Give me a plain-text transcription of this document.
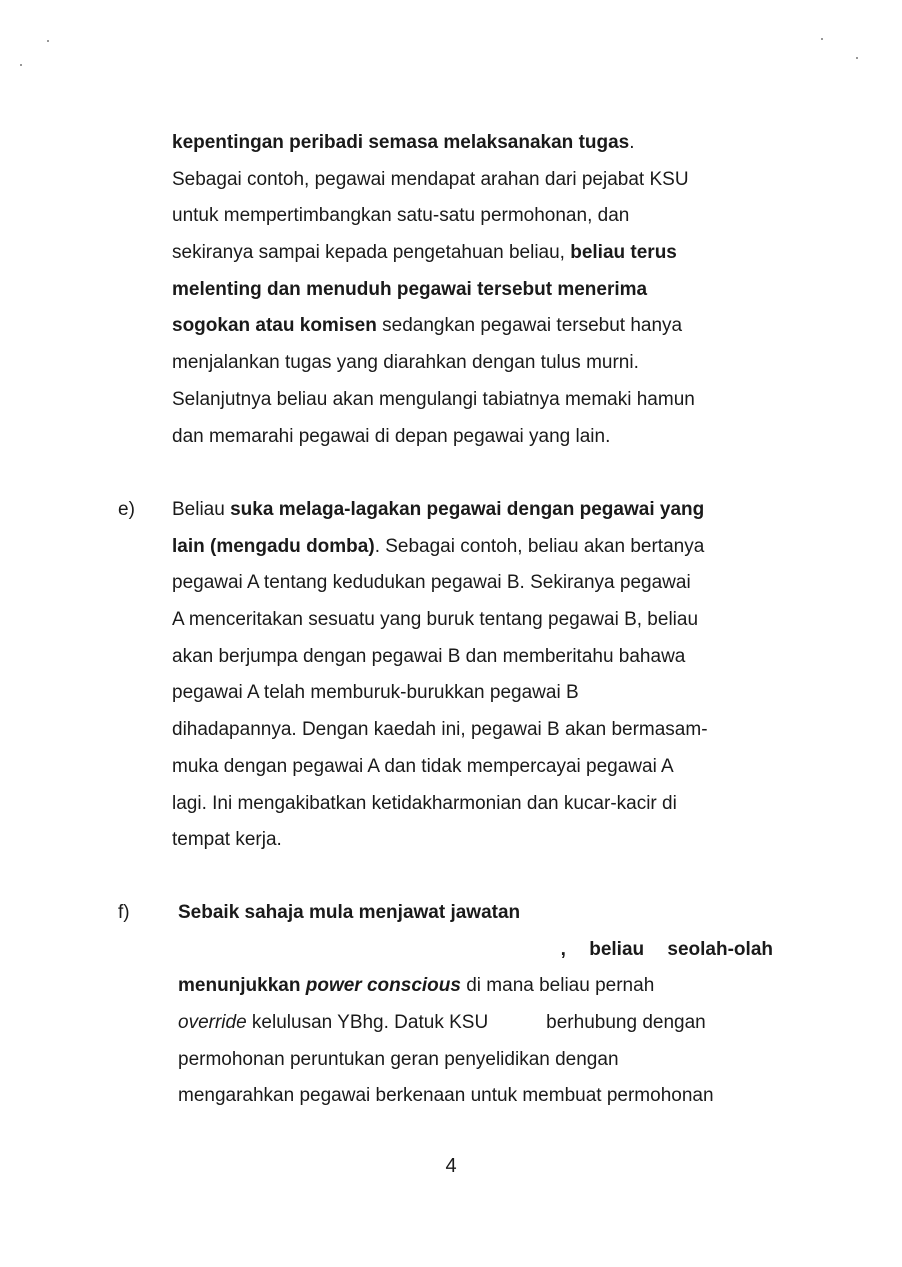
kepentingan peribadi semasa melaksanakan tugas.
Sebagai contoh, pegawai mendapat arahan dari pejabat KSU
untuk mempertimbangkan satu-satu permohonan, dan
sekiranya sampai kepada pengetahuan beliau, beliau terus
melenting dan menuduh pegawai tersebut menerima
sogokan atau komisen sedangkan pegawai tersebut hanya
menjalankan tugas yang diarahkan dengan tulus murni.
Selanjutnya beliau akan mengulangi tabiatnya memaki hamun
dan memarahi pegawai di depan pegawai yang lain.
e) Beliau suka melaga-lagakan pegawai dengan pegawai yang
lain (mengadu domba). Sebagai contoh, beliau akan bertanya
pegawai A tentang kedudukan pegawai B. Sekiranya pegawai
A menceritakan sesuatu yang buruk tentang pegawai B, beliau
akan berjumpa dengan pegawai B dan memberitahu bahawa
pegawai A telah memburuk-burukkan pegawai B
dihadapannya. Dengan kaedah ini, pegawai B akan bermasam-
muka dengan pegawai A dan tidak mempercayai pegawai A
lagi. Ini mengakibatkan ketidakharmonian dan kucar-kacir di
tempat kerja.
f)	Sebaik sahaja mula menjawat jawatan
, beliau seolah-olah
menunjukkan power conscious di mana beliau pernah
override kelulusan YBhg. Datuk KSU	berhubung dengan
permohonan peruntukan geran penyelidikan dengan
mengarahkan pegawai berkenaan untuk membuat permohonan
4
